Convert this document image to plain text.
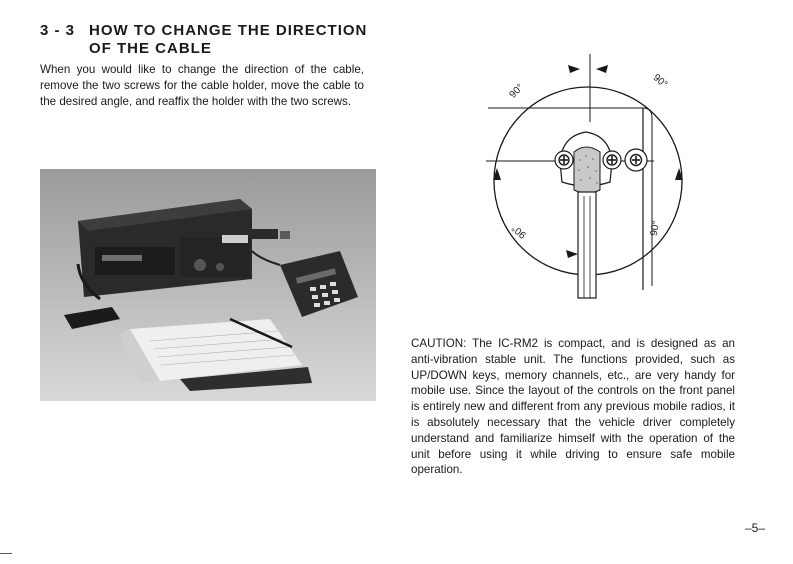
3 - 3 HOW TO CHANGE THE DIRECTION
OF THE CABLE
When you would like to change the direction of the cable, remove the two screws for the cable holder, move the cable to the desired angle, and reaffix the holder with the two screws.
90°
90°
90°	90°
CAUTION: The IC-RM2 is compact, and is designed as an anti-vibration stable unit. The functions provided, such as UP/DOWN keys, memory channels, etc., are very handy for mobile use. Since the layout of the controls on the front panel is entirely new and different from any previous mobile radios, it is absolutely necessary that the vehicle driver completely understand and familiarize himself with the operation of the unit before using it while driving to ensure safe mobile operation.
–5–
